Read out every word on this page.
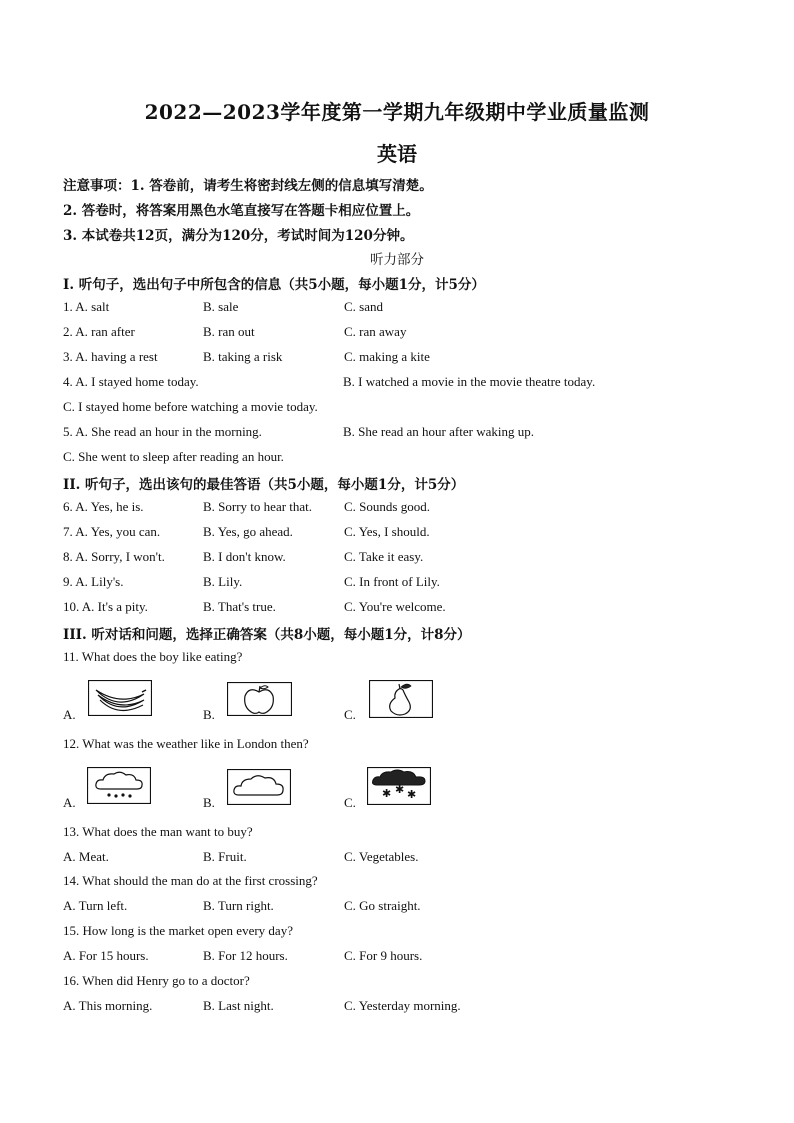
2022—2023学年度第一学期九年级期中学业质量监测
英语
注意事项：1. 答卷前，请考生将密封线左侧的信息填写清楚。
2. 答卷时，将答案用黑色水笔直接写在答题卡相应位置上。
3. 本试卷共12页，满分为120分，考试时间为120分钟。
听力部分
I. 听句子，选出句子中所包含的信息（共5小题，每小题1分，计5分）
1. A. salt	B. sale	C. sand
2. A. ran after	B. ran out	C. ran away
3. A. having a rest	B. taking a risk	C. making a kite
4. A. I stayed home today.	B. I watched a movie in the movie theatre today.
C. I stayed home before watching a movie today.
5. A. She read an hour in the morning.	B. She read an hour after waking up.
C. She went to sleep after reading an hour.
II. 听句子，选出该句的最佳答语（共5小题，每小题1分，计5分）
6. A. Yes, he is.	B. Sorry to hear that. C. Sounds good.
7. A. Yes, you can.	B. Yes, go ahead.	C. Yes, I should.
8. A. Sorry, I won't.	B. I don't know.	C. Take it easy.
9. A. Lily's.	B. Lily.	C. In front of Lily.
10. A. It's a pity.	B. That's true.	C. You're welcome.
III. 听对话和问题，选择正确答案（共8小题，每小题1分，计8分）
11. What does the boy like eating?
A.	B.	C.
12. What was the weather like in London then?
A.	B.	C.
✱ ✱ ✱
13. What does the man want to buy?
A. Meat.	B. Fruit.	C. Vegetables.
14. What should the man do at the first crossing?
A. Turn left.	B. Turn right.	C. Go straight.
15. How long is the market open every day?
A. For 15 hours.	B. For 12 hours.	C. For 9 hours.
16. When did Henry go to a doctor?
A. This morning.	B. Last night.	C. Yesterday morning.
